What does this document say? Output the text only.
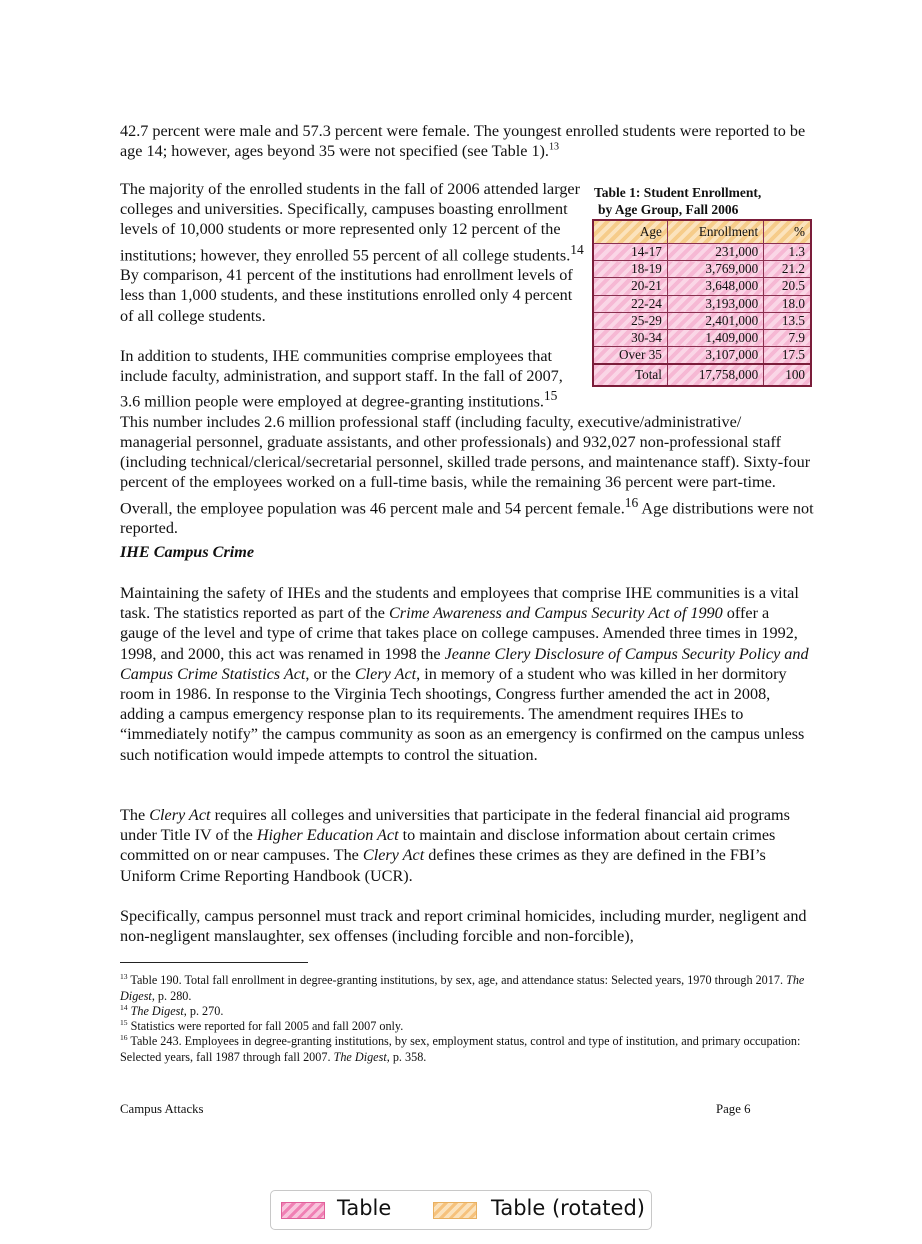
42.7 percent were male and 57.3 percent were female. The youngest enrolled students were reported to be age 14; however, ages beyond 35 were not specified (see Table 1).$^{13}$

The majority of the enrolled students in the fall of 2006 attended larger colleges and universities. Specifically, campuses boasting enrollment levels of 10,000 students or more represented only 12 percent of the institutions; however, they enrolled 55 percent of all college students.$^{14}$ By comparison, 41 percent of the institutions had enrollment levels of less than 1,000 students, and these institutions enrolled only 4 percent of all college students.

In addition to students, IHE communities comprise employees that include faculty, administration, and support staff. In the fall of 2007, 3.6 million people were employed at degree-granting institutions.$^{15}$ This number includes 2.6 million professional staff (including faculty, executive/administrative/ managerial personnel, graduate assistants, and other professionals) and 932,027 non-professional staff (including technical/clerical/secretarial personnel, skilled trade persons, and maintenance staff). Sixty-four percent of the employees worked on a full-time basis, while the remaining 36 percent were part-time. Overall, the employee population was 46 percent male and 54 percent female.$^{16}$ Age distributions were not reported.

Table 1: Student Enrollment,
by Age Group, Fall 2006
Age	Enrollment	%
14-17	231,000	1.3
18-19	3,769,000	21.2
20-21	3,648,000	20.5
22-24	3,193,000	18.0
25-29	2,401,000	13.5
30-34	1,409,000	7.9
Over 35	3,107,000	17.5
Total	17,758,000	100

IHE Campus Crime

Maintaining the safety of IHEs and the students and employees that comprise IHE communities is a vital task. The statistics reported as part of the Crime Awareness and Campus Security Act of 1990 offer a gauge of the level and type of crime that takes place on college campuses. Amended three times in 1992, 1998, and 2000, this act was renamed in 1998 the Jeanne Clery Disclosure of Campus Security Policy and Campus Crime Statistics Act, or the Clery Act, in memory of a student who was killed in her dormitory room in 1986. In response to the Virginia Tech shootings, Congress further amended the act in 2008, adding a campus emergency response plan to its requirements. The amendment requires IHEs to “immediately notify” the campus community as soon as an emergency is confirmed on the campus unless such notification would impede attempts to control the situation.

The Clery Act requires all colleges and universities that participate in the federal financial aid programs under Title IV of the Higher Education Act to maintain and disclose information about certain crimes committed on or near campuses. The Clery Act defines these crimes as they are defined in the FBI’s Uniform Crime Reporting Handbook (UCR).

Specifically, campus personnel must track and report criminal homicides, including murder, negligent and non-negligent manslaughter, sex offenses (including forcible and non-forcible),

$^{13}$ Table 190. Total fall enrollment in degree-granting institutions, by sex, age, and attendance status: Selected years, 1970 through 2017. The Digest, p. 280.

$^{14}$ The Digest, p. 270.

$^{15}$ Statistics were reported for fall 2005 and fall 2007 only.

$^{16}$ Table 243. Employees in degree-granting institutions, by sex, employment status, control and type of institution, and primary occupation: Selected years, fall 1987 through fall 2007. The Digest, p. 358.

Campus Attacks	Page 6
Table	Table (rotated)
